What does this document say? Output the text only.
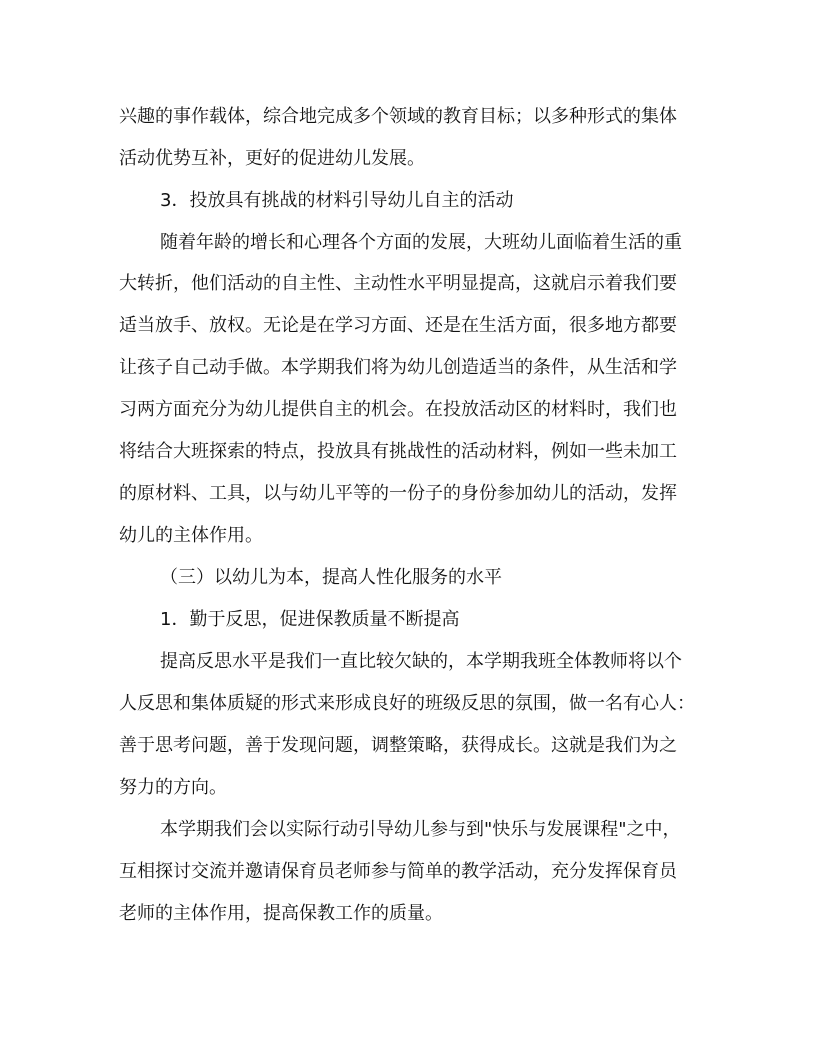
兴趣的事作载体，综合地完成多个领域的教育目标；以多种形式的集体
活动优势互补，更好的促进幼儿发展。
3．投放具有挑战的材料引导幼儿自主的活动
随着年龄的增长和心理各个方面的发展，大班幼儿面临着生活的重
大转折，他们活动的自主性、主动性水平明显提高，这就启示着我们要
适当放手、放权。无论是在学习方面、还是在生活方面，很多地方都要
让孩子自己动手做。本学期我们将为幼儿创造适当的条件，从生活和学
习两方面充分为幼儿提供自主的机会。在投放活动区的材料时，我们也
将结合大班探索的特点，投放具有挑战性的活动材料，例如一些未加工
的原材料、工具，以与幼儿平等的一份子的身份参加幼儿的活动，发挥
幼儿的主体作用。
（三）以幼儿为本，提高人性化服务的水平
1．勤于反思，促进保教质量不断提高
提高反思水平是我们一直比较欠缺的，本学期我班全体教师将以个
人反思和集体质疑的形式来形成良好的班级反思的氛围，做一名有心人：
善于思考问题，善于发现问题，调整策略，获得成长。这就是我们为之
努力的方向。
本学期我们会以实际行动引导幼儿参与到"快乐与发展课程"之中，
互相探讨交流并邀请保育员老师参与简单的教学活动，充分发挥保育员
老师的主体作用，提高保教工作的质量。
